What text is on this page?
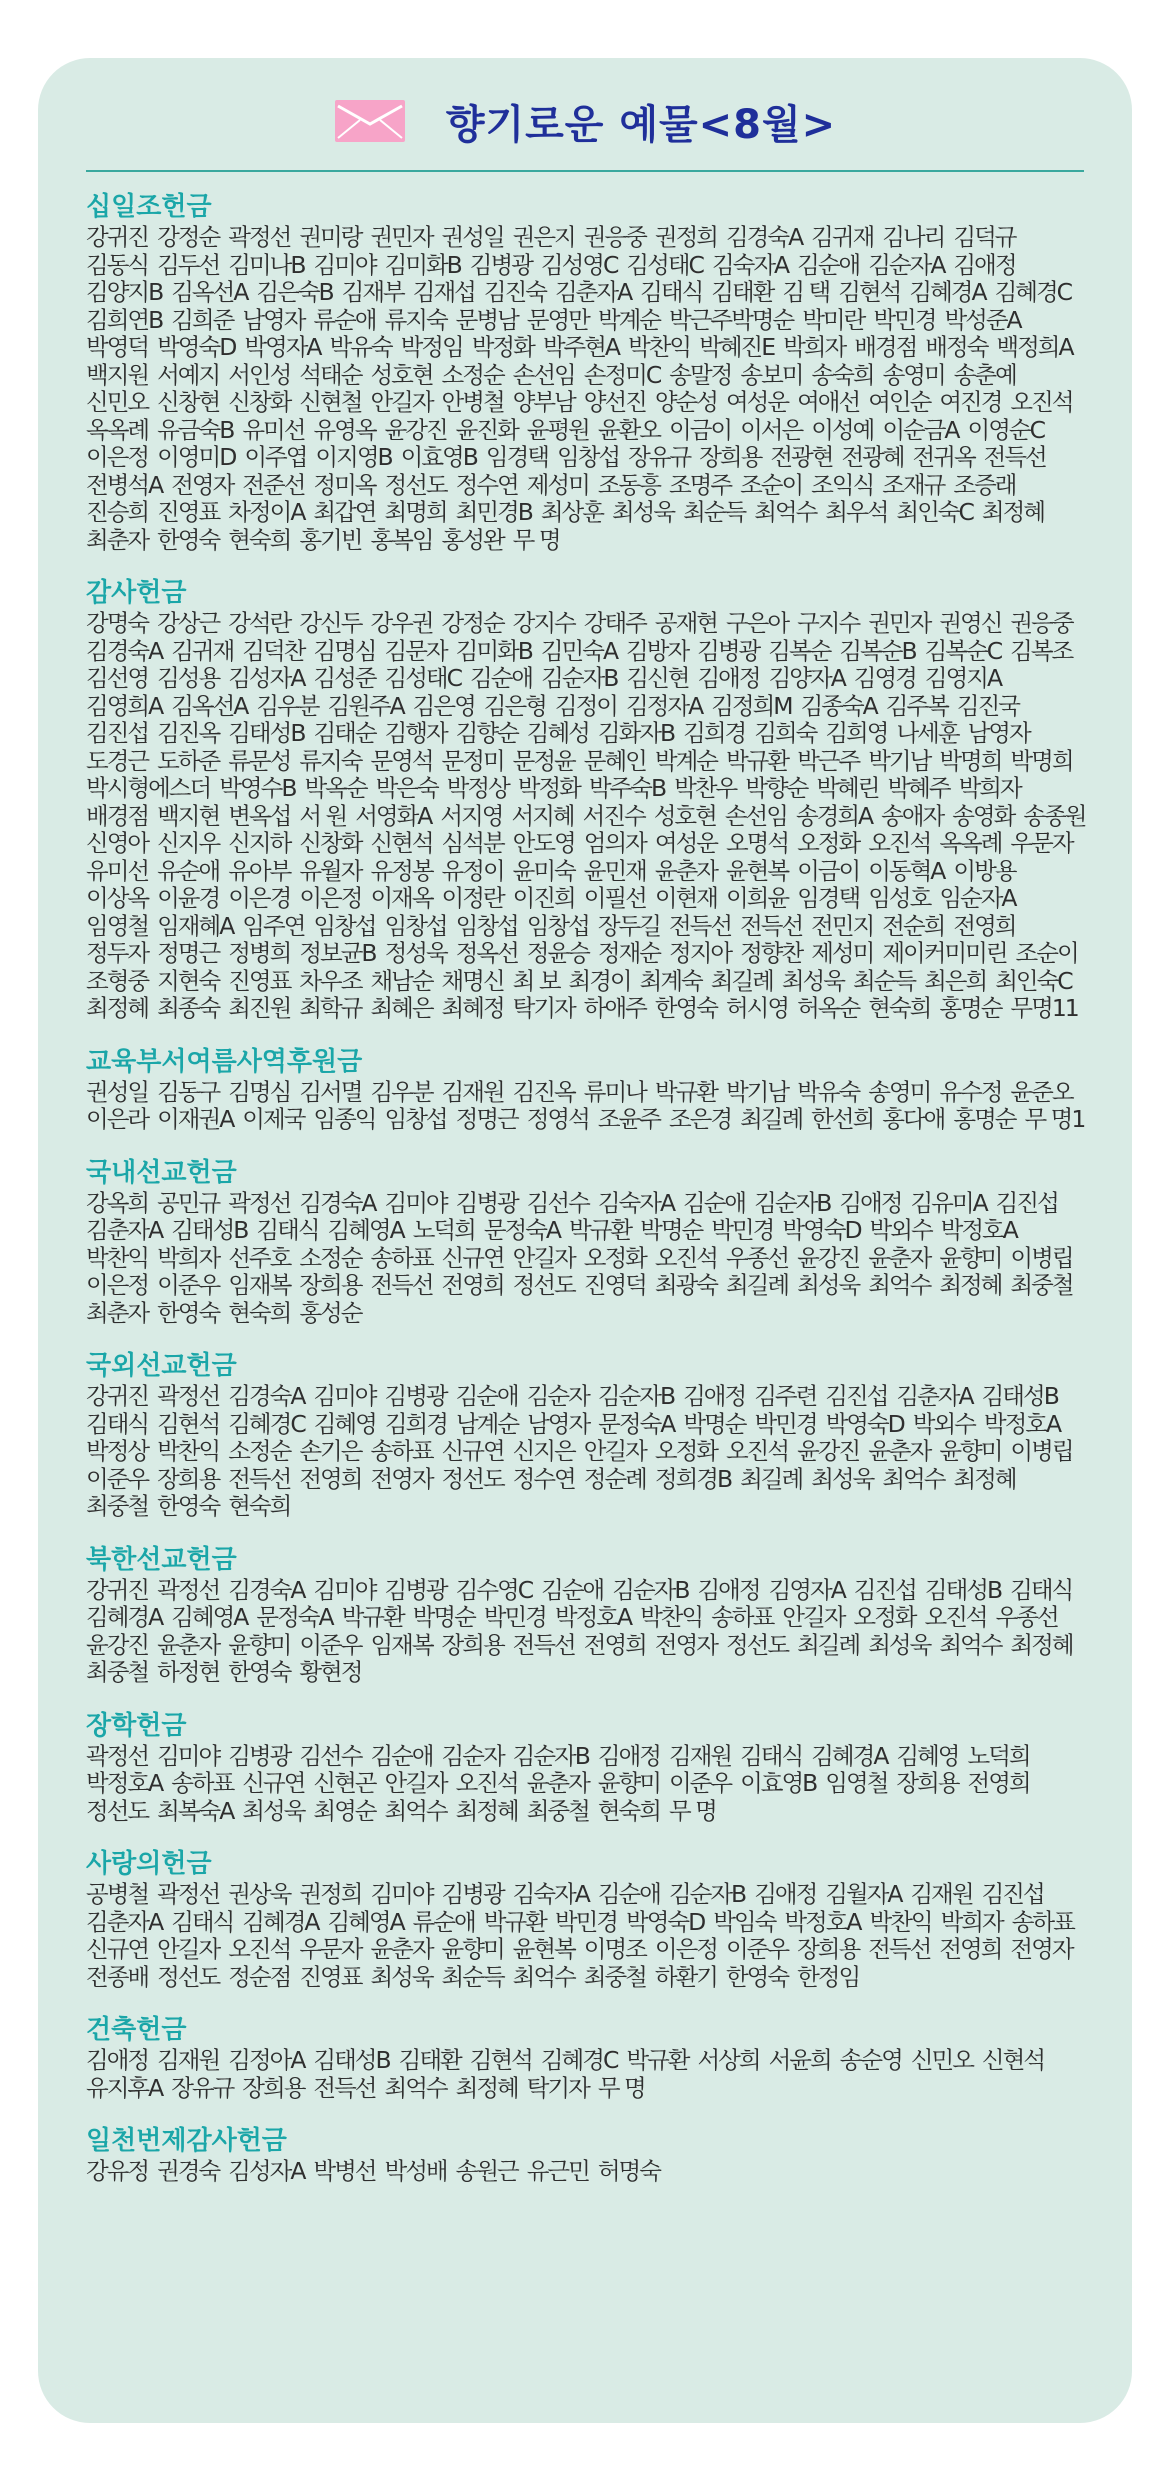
향기로운 예물<8월>
십일조헌금
강귀진 강정순 곽정선 권미랑 권민자 권성일 권은지 권응중 권정희 김경숙A 김귀재 김나리 김덕규
김동식 김두선 김미나B 김미야 김미화B 김병광 김성영C 김성태C 김숙자A 김순애 김순자A 김애정
김양지B 김옥선A 김은숙B 김재부 김재섭 김진숙 김춘자A 김태식 김태환 김 택 김현석 김혜경A 김혜경C
김희연B 김희준 남영자 류순애 류지숙 문병남 문영만 박계순 박근주박명순 박미란 박민경 박성준A
박영덕 박영숙D 박영자A 박유숙 박정임 박정화 박주현A 박찬익 박혜진E 박희자 배경점 배정숙 백정희A
백지원 서예지 서인성 석태순 성호현 소정순 손선임 손정미C 송말정 송보미 송숙희 송영미 송춘예
신민오 신창현 신창화 신현철 안길자 안병철 양부남 양선진 양순성 여성운 여애선 여인순 여진경 오진석
옥옥례 유금숙B 유미선 유영옥 윤강진 윤진화 윤평원 윤환오 이금이 이서은 이성예 이순금A 이영순C
이은정 이영미D 이주엽 이지영B 이효영B 임경택 임창섭 장유규 장희용 전광현 전광혜 전귀옥 전득선
전병석A 전영자 전준선 정미옥 정선도 정수연 제성미 조동흥 조명주 조순이 조익식 조재규 조증래
진승희 진영표 차정이A 최갑연 최명희 최민경B 최상훈 최성욱 최순득 최억수 최우석 최인숙C 최정혜
최춘자 한영숙 현숙희 홍기빈 홍복임 홍성완 무 명
감사헌금
강명숙 강상근 강석란 강신두 강우권 강정순 강지수 강태주 공재현 구은아 구지수 권민자 권영신 권응중
김경숙A 김귀재 김덕찬 김명심 김문자 김미화B 김민숙A 김방자 김병광 김복순 김복순B 김복순C 김복조
김선영 김성용 김성자A 김성준 김성태C 김순애 김순자B 김신현 김애정 김양자A 김영경 김영지A
김영희A 김옥선A 김우분 김원주A 김은영 김은형 김정이 김정자A 김정희M 김종숙A 김주복 김진국
김진섭 김진옥 김태성B 김태순 김행자 김향순 김혜성 김화자B 김희경 김희숙 김희영 나세훈 남영자
도경근 도하준 류문성 류지숙 문영석 문정미 문정윤 문혜인 박계순 박규환 박근주 박기남 박명희 박명희
박시형에스더 박영수B 박옥순 박은숙 박정상 박정화 박주숙B 박찬우 박향순 박혜린 박혜주 박희자
배경점 백지현 변옥섭 서 원 서영화A 서지영 서지혜 서진수 성호현 손선임 송경희A 송애자 송영화 송종원
신영아 신지우 신지하 신창화 신현석 심석분 안도영 엄의자 여성운 오명석 오정화 오진석 옥옥례 우문자
유미선 유순애 유아부 유월자 유정봉 유정이 윤미숙 윤민재 윤춘자 윤현복 이금이 이동혁A 이방용
이상옥 이윤경 이은경 이은정 이재옥 이정란 이진희 이필선 이현재 이희윤 임경택 임성호 임순자A
임영철 임재혜A 임주연 임창섭 임창섭 임창섭 임창섭 장두길 전득선 전득선 전민지 전순희 전영희
정두자 정명근 정병희 정보균B 정성욱 정옥선 정윤승 정재순 정지아 정향찬 제성미 제이커미미린 조순이
조형중 지현숙 진영표 차우조 채남순 채명신 최 보 최경이 최계숙 최길례 최성욱 최순득 최은희 최인숙C
최정혜 최종숙 최진원 최학규 최혜은 최혜정 탁기자 하애주 한영숙 허시영 허옥순 현숙희 홍명순 무명11
교육부서여름사역후원금
권성일 김동구 김명심 김서멸 김우분 김재원 김진옥 류미나 박규환 박기남 박유숙 송영미 유수정 윤준오
이은라 이재권A 이제국 임종익 임창섭 정명근 정영석 조윤주 조은경 최길례 한선희 홍다애 홍명순 무 명1
국내선교헌금
강옥희 공민규 곽정선 김경숙A 김미야 김병광 김선수 김숙자A 김순애 김순자B 김애정 김유미A 김진섭
김춘자A 김태성B 김태식 김혜영A 노덕희 문정숙A 박규환 박명순 박민경 박영숙D 박외수 박정호A
박찬익 박희자 선주호 소정순 송하표 신규연 안길자 오정화 오진석 우종선 윤강진 윤춘자 윤향미 이병립
이은정 이준우 임재복 장희용 전득선 전영희 정선도 진영덕 최광숙 최길례 최성욱 최억수 최정혜 최중철
최춘자 한영숙 현숙희 홍성순
국외선교헌금
강귀진 곽정선 김경숙A 김미야 김병광 김순애 김순자 김순자B 김애정 김주련 김진섭 김춘자A 김태성B
김태식 김현석 김혜경C 김혜영 김희경 남계순 남영자 문정숙A 박명순 박민경 박영숙D 박외수 박정호A
박정상 박찬익 소정순 손기은 송하표 신규연 신지은 안길자 오정화 오진석 윤강진 윤춘자 윤향미 이병립
이준우 장희용 전득선 전영희 전영자 정선도 정수연 정순례 정희경B 최길례 최성욱 최억수 최정혜
최중철 한영숙 현숙희
북한선교헌금
강귀진 곽정선 김경숙A 김미야 김병광 김수영C 김순애 김순자B 김애정 김영자A 김진섭 김태성B 김태식
김혜경A 김혜영A 문정숙A 박규환 박명순 박민경 박정호A 박찬익 송하표 안길자 오정화 오진석 우종선
윤강진 윤춘자 윤향미 이준우 임재복 장희용 전득선 전영희 전영자 정선도 최길례 최성욱 최억수 최정혜
최중철 하정현 한영숙 황현정
장학헌금
곽정선 김미야 김병광 김선수 김순애 김순자 김순자B 김애정 김재원 김태식 김혜경A 김혜영 노덕희
박정호A 송하표 신규연 신현곤 안길자 오진석 윤춘자 윤향미 이준우 이효영B 임영철 장희용 전영희
정선도 최복숙A 최성욱 최영순 최억수 최정혜 최중철 현숙희 무 명
사랑의헌금
공병철 곽정선 권상욱 권정희 김미야 김병광 김숙자A 김순애 김순자B 김애정 김월자A 김재원 김진섭
김춘자A 김태식 김혜경A 김혜영A 류순애 박규환 박민경 박영숙D 박임숙 박정호A 박찬익 박희자 송하표
신규연 안길자 오진석 우문자 윤춘자 윤향미 윤현복 이명조 이은정 이준우 장희용 전득선 전영희 전영자
전종배 정선도 정순점 진영표 최성욱 최순득 최억수 최중철 하환기 한영숙 한정임
건축헌금
김애정 김재원 김정아A 김태성B 김태환 김현석 김혜경C 박규환 서상희 서윤희 송순영 신민오 신현석
유지후A 장유규 장희용 전득선 최억수 최정혜 탁기자 무 명
일천번제감사헌금
강유정 권경숙 김성자A 박병선 박성배 송원근 유근민 허명숙
